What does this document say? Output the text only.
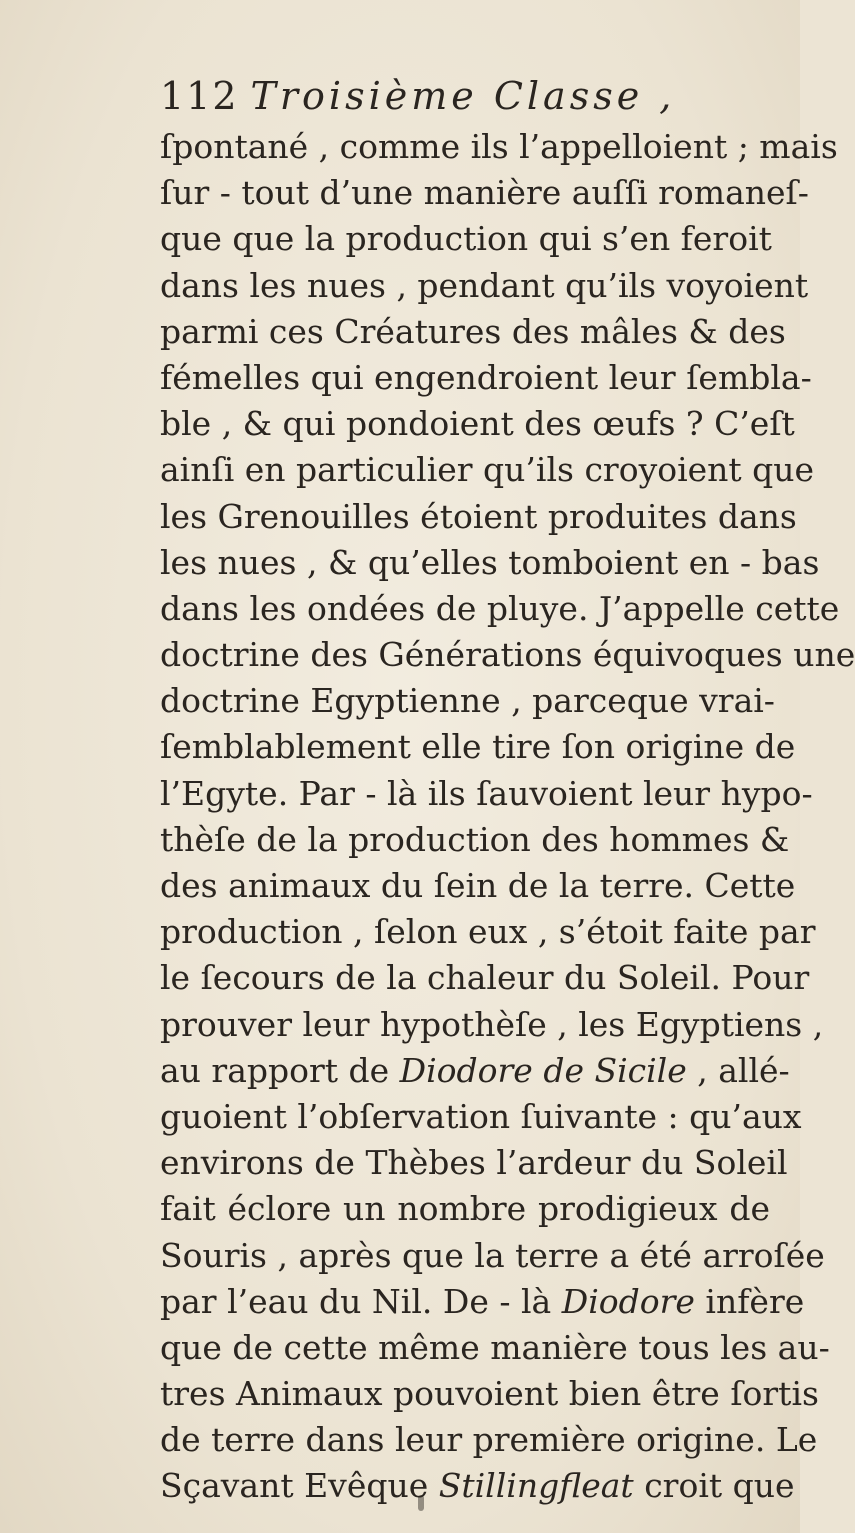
112 Troisième Classe ,
ſpontané , comme ils l’appelloient ; mais
ſur - tout d’une manière auſſi romaneſ-
que que la production qui s’en feroit
dans les nues , pendant qu’ils voyoient
parmi ces Créatures des mâles & des
fémelles qui engendroient leur ſembla-
ble , & qui pondoient des œufs ? C’eſt
ainſi en particulier qu’ils croyoient que
les Grenouilles étoient produites dans
les nues , & qu’elles tomboient en - bas
dans les ondées de pluye. J’appelle cette
doctrine des Générations équivoques une
doctrine Egyptienne , parceque vrai-
ſemblablement elle tire ſon origine de
l’Egyte. Par - là ils ſauvoient leur hypo-
thèſe de la production des hommes &
des animaux du ſein de la terre. Cette
production , ſelon eux , s’étoit faite par
le ſecours de la chaleur du Soleil. Pour
prouver leur hypothèſe , les Egyptiens ,
au rapport de Diodore de Sicile , allé-
guoient l’obſervation ſuivante : qu’aux
environs de Thèbes l’ardeur du Soleil
fait éclore un nombre prodigieux de
Souris , après que la terre a été arroſée
par l’eau du Nil. De - là Diodore infère
que de cette même manière tous les au-
tres Animaux pouvoient bien être ſortis
de terre dans leur première origine. Le
Sçavant Evêque Stillingfleat croit que
